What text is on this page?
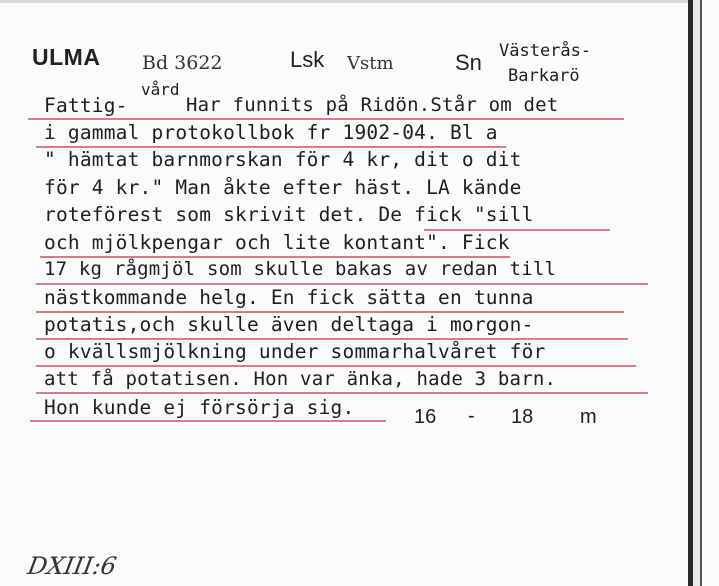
ULMA Bd 3622	Lsk Vstm	Sn Västerås-
Barkarö
Fattig-
vård
Har funnits på Ridön.Står om det
i gammal protokollbok fr 1902-04. Bl a
" hämtat barnmorskan för 4 kr, dit o dit
för 4 kr." Man åkte efter häst. LA kände
roteförest som skrivit det. De fick "sill
och mjölkpengar och lite kontant". Fick
17 kg rågmjöl som skulle bakas av redan till
nästkommande helg. En fick sätta en tunna
potatis,och skulle även deltaga i morgon-
o kvällsmjölkning under sommarhalvåret för
att få potatisen. Hon var änka, hade 3 barn.
Hon kunde ej försörja sig.	16 - 18 m
DXIII:6
